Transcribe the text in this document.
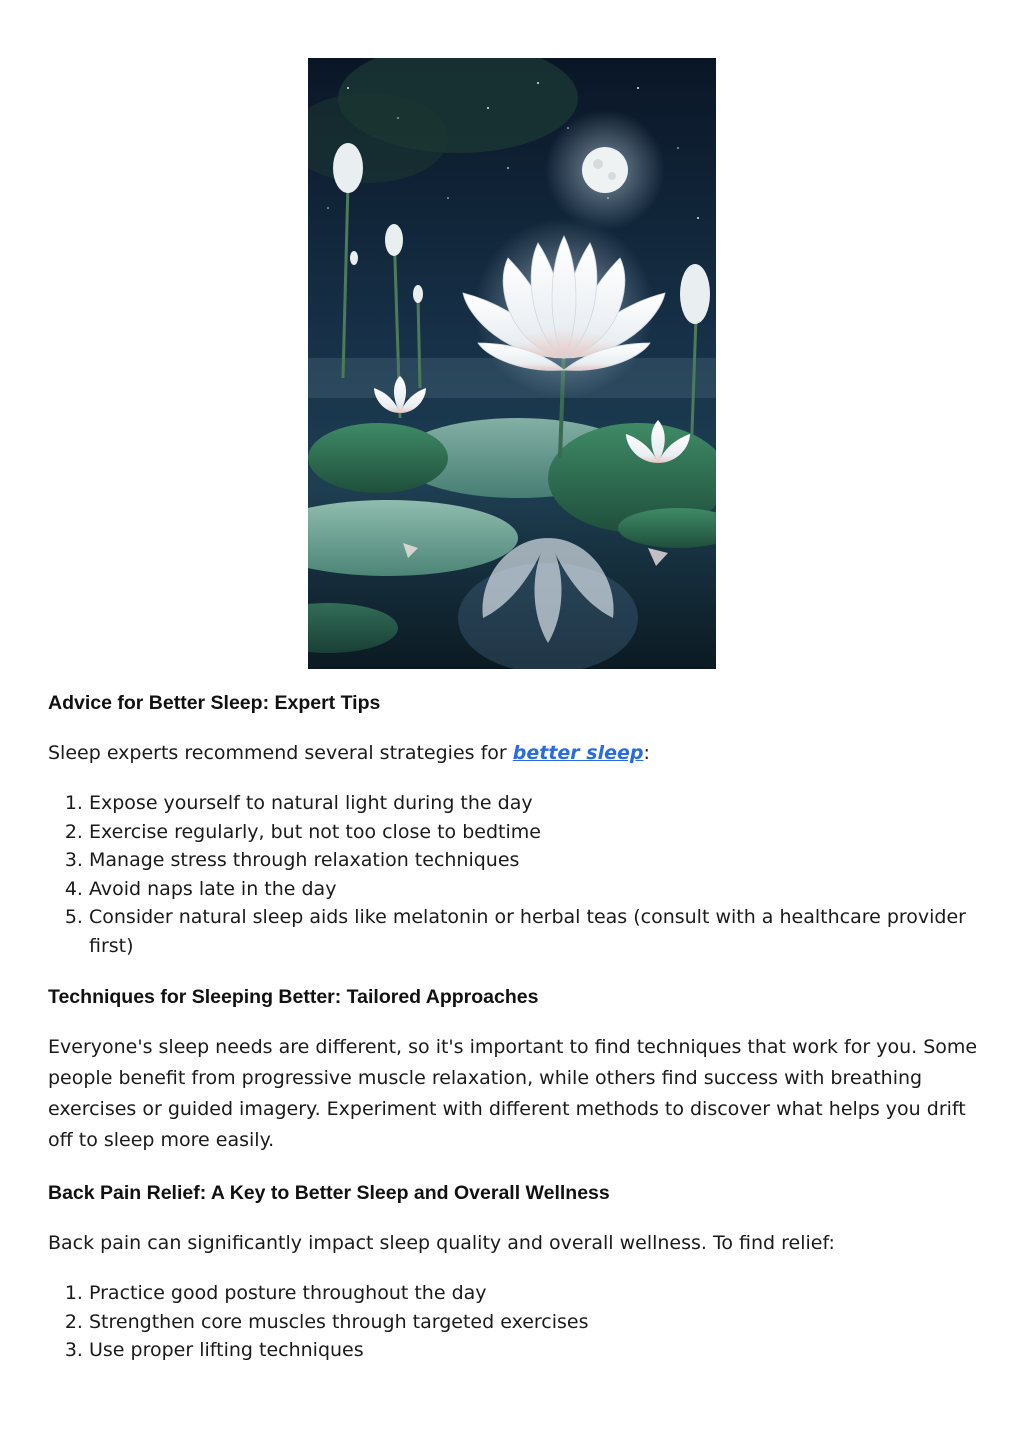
Advice for Better Sleep: Expert Tips

Sleep experts recommend several strategies for better sleep:

1. Expose yourself to natural light during the day
2. Exercise regularly, but not too close to bedtime
3. Manage stress through relaxation techniques
4. Avoid naps late in the day
5. Consider natural sleep aids like melatonin or herbal teas (consult with a healthcare provider first)
Techniques for Sleeping Better: Tailored Approaches

Everyone's sleep needs are different, so it's important to find techniques that work for you. Some people benefit from progressive muscle relaxation, while others find success with breathing exercises or guided imagery. Experiment with different methods to discover what helps you drift off to sleep more easily.

Back Pain Relief: A Key to Better Sleep and Overall Wellness

Back pain can significantly impact sleep quality and overall wellness. To find relief:

1. Practice good posture throughout the day
2. Strengthen core muscles through targeted exercises
3. Use proper lifting techniques
